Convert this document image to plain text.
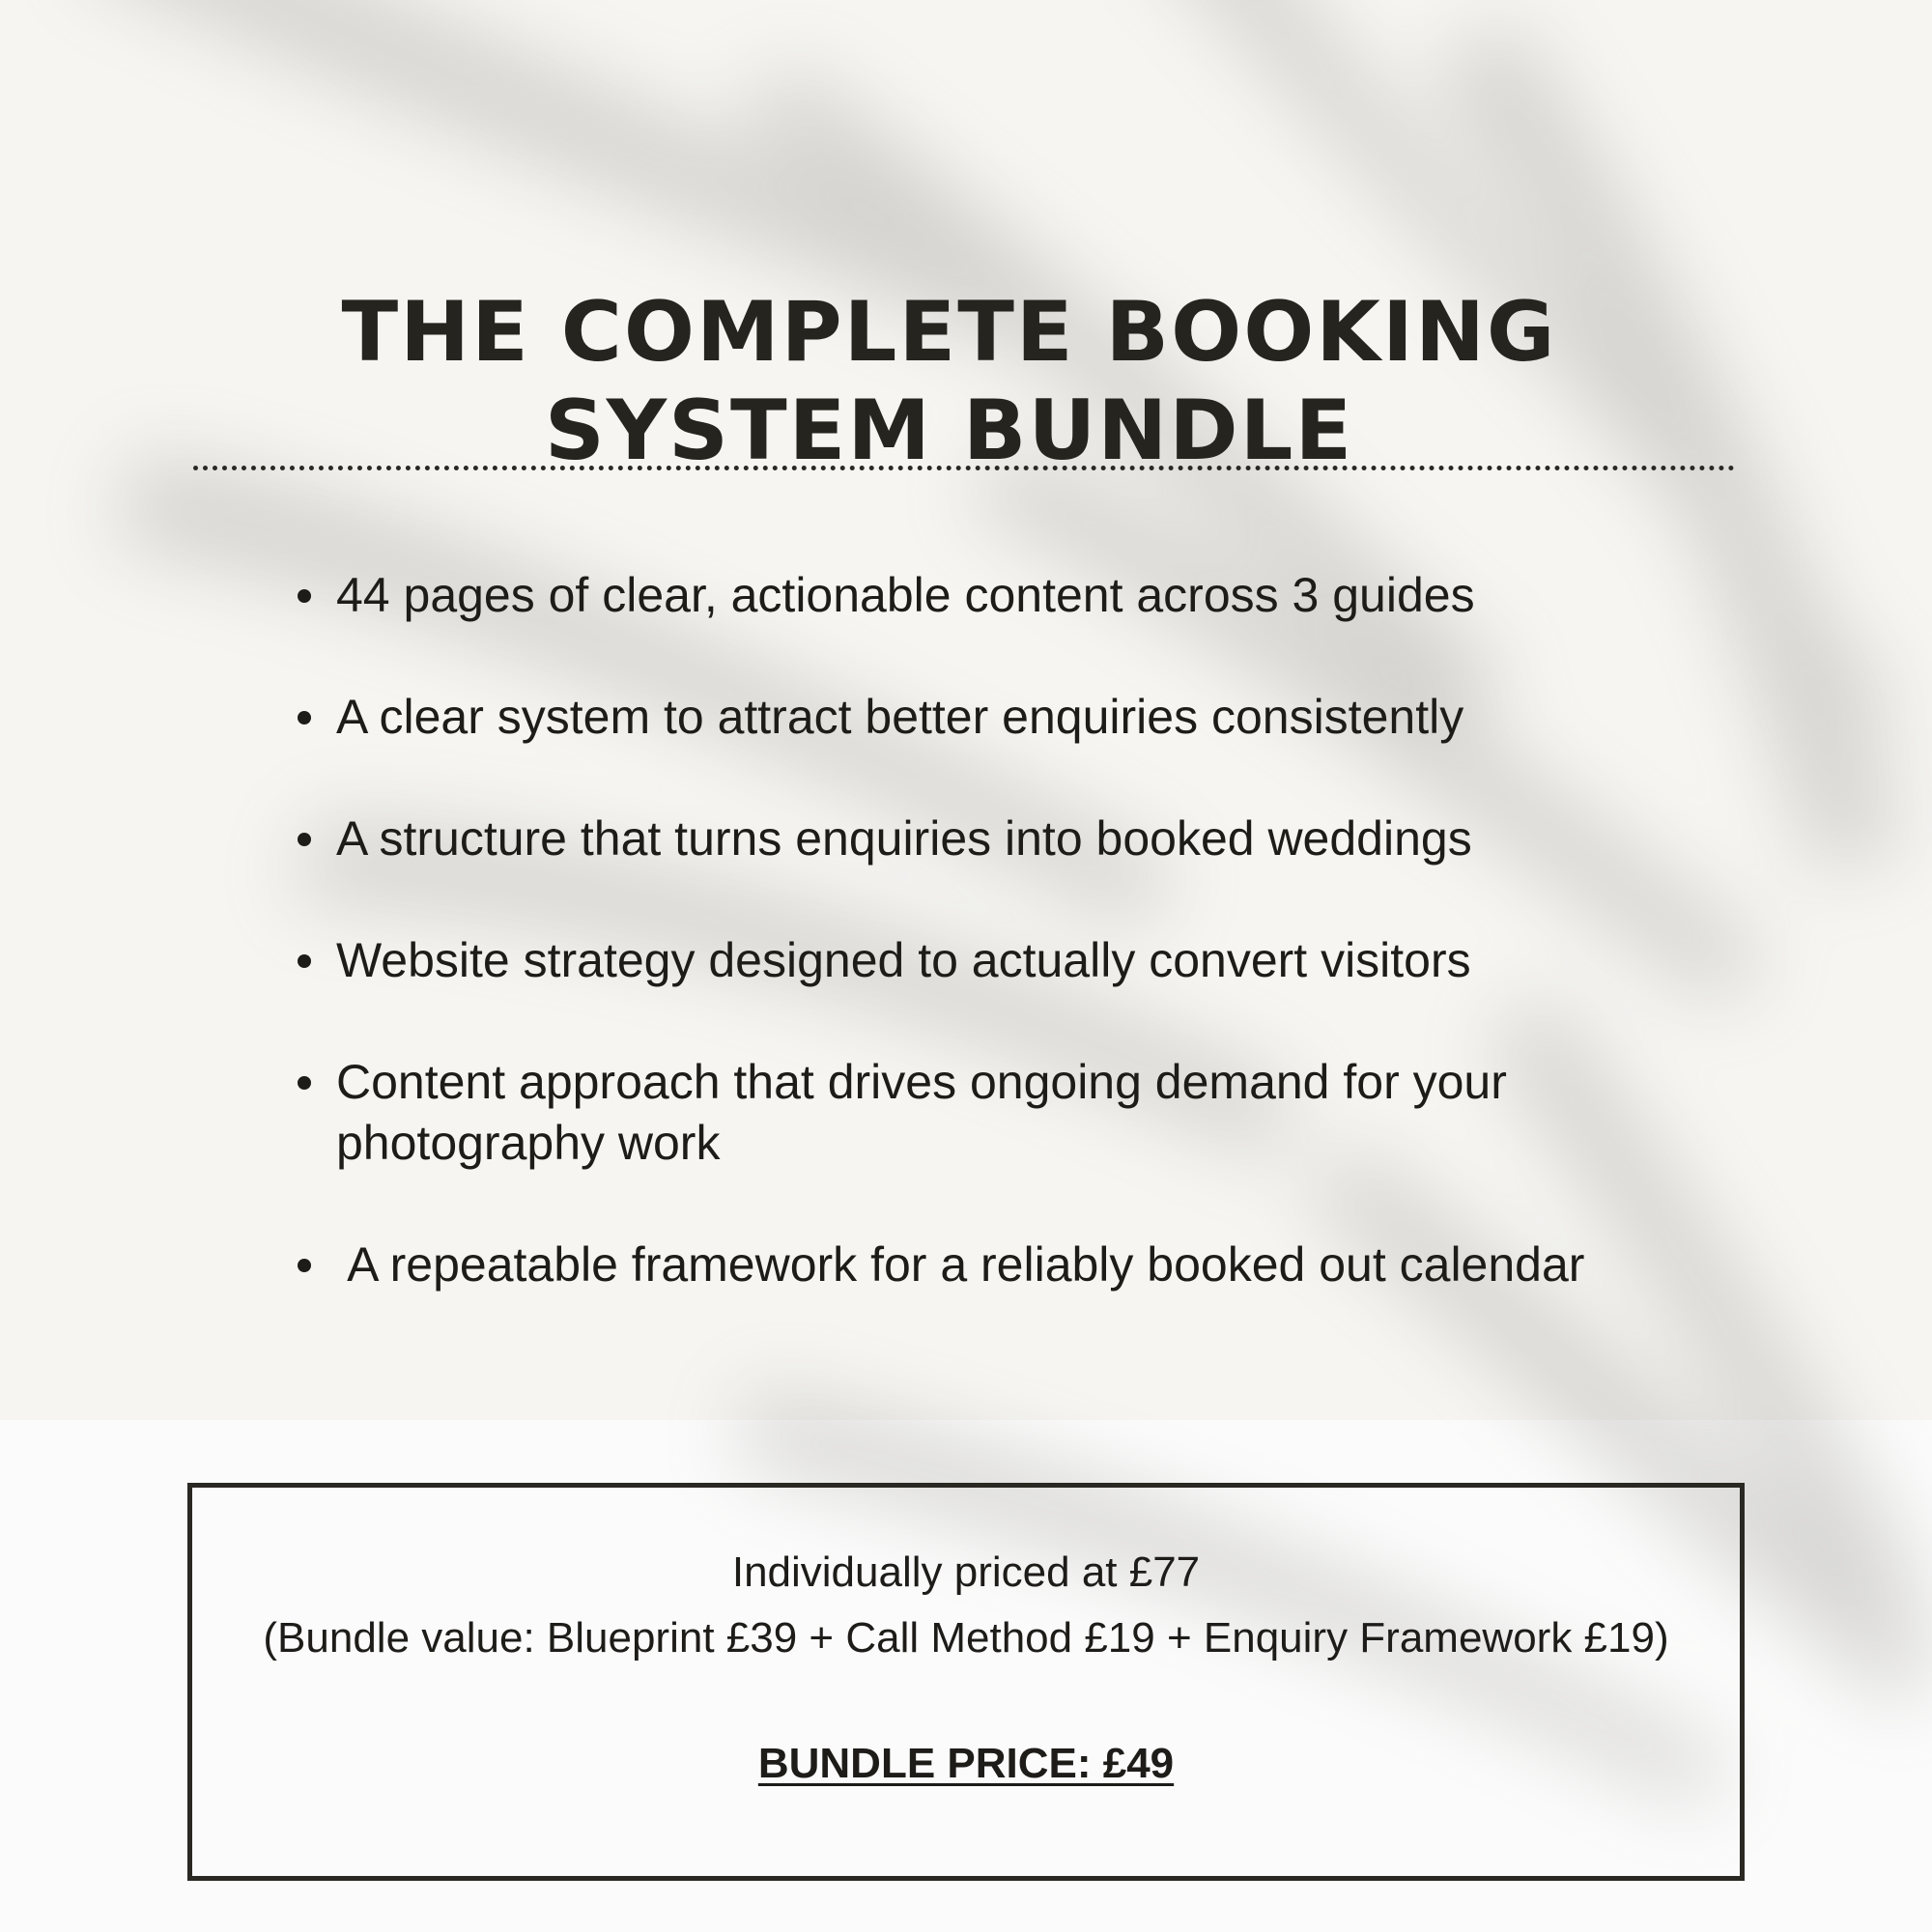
THE COMPLETE BOOKING
SYSTEM BUNDLE
44 pages of clear, actionable content across 3 guides
A clear system to attract better enquiries consistently
A structure that turns enquiries into booked weddings
Website strategy designed to actually convert visitors
Content approach that drives ongoing demand for your photography work
A repeatable framework for a reliably booked out calendar
Individually priced at £77
(Bundle value: Blueprint £39 + Call Method £19 + Enquiry Framework £19)
BUNDLE PRICE: £49
